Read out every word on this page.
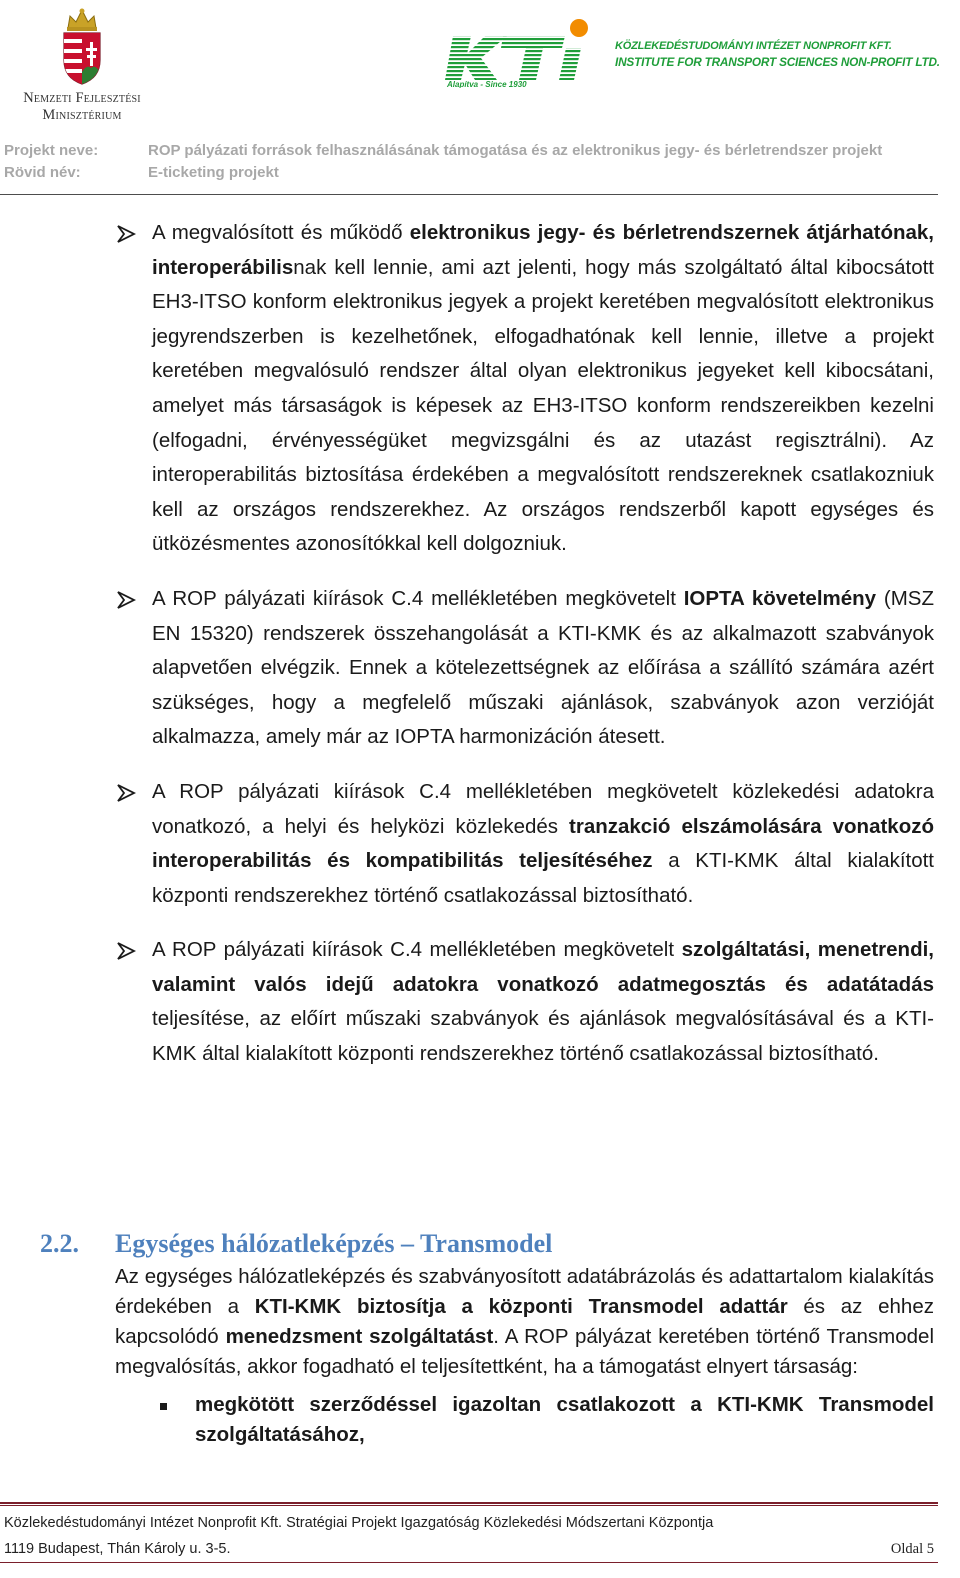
Nemzeti Fejlesztési
Minisztérium
Alapítva - Since 1930
KÖZLEKEDÉSTUDOMÁNYI INTÉZET NONPROFIT KFT.
INSTITUTE FOR TRANSPORT SCIENCES NON-PROFIT LTD.
Projekt neve:	ROP pályázati források felhasználásának támogatása és az elektronikus jegy- és bérletrendszer projekt
Rövid név:	E-ticketing projekt
A megvalósított és működő elektronikus jegy- és bérletrendszernek átjárhatónak, interoperábilisnak kell lennie, ami azt jelenti, hogy más szolgáltató által kibocsátott EH3-ITSO konform elektronikus jegyek a projekt keretében megvalósított elektronikus jegyrendszerben is kezelhetőnek, elfogadhatónak kell lennie, illetve a projekt keretében megvalósuló rendszer által olyan elektronikus jegyeket kell kibocsátani, amelyet más társaságok is képesek az EH3-ITSO konform rendszereikben kezelni (elfogadni, érvényességüket megvizsgálni és az utazást regisztrálni). Az interoperabilitás biztosítása érdekében a megvalósított rendszereknek csatlakozniuk kell az országos rendszerekhez. Az országos rendszerből kapott egységes és ütközésmentes azonosítókkal kell dolgozniuk.
A ROP pályázati kiírások C.4 mellékletében megkövetelt IOPTA követelmény (MSZ EN 15320) rendszerek összehangolását a KTI-KMK és az alkalmazott szabványok alapvetően elvégzik. Ennek a kötelezettségnek az előírása a szállító számára azért szükséges, hogy a megfelelő műszaki ajánlások, szabványok azon verzióját alkalmazza, amely már az IOPTA harmonizáción átesett.
A ROP pályázati kiírások C.4 mellékletében megkövetelt közlekedési adatokra vonatkozó, a helyi és helyközi közlekedés tranzakció elszámolására vonatkozó interoperabilitás és kompatibilitás teljesítéséhez a KTI-KMK által kialakított központi rendszerekhez történő csatlakozással biztosítható.
A ROP pályázati kiírások C.4 mellékletében megkövetelt szolgáltatási, menetrendi, valamint valós idejű adatokra vonatkozó adatmegosztás és adatátadás teljesítése, az előírt műszaki szabványok és ajánlások megvalósításával és a KTI-KMK által kialakított központi rendszerekhez történő csatlakozással biztosítható.
2.2. Egységes hálózatleképzés – Transmodel
Az egységes hálózatleképzés és szabványosított adatábrázolás és adattartalom kialakítás érdekében a KTI-KMK biztosítja a központi Transmodel adattár és az ehhez kapcsolódó menedzsment szolgáltatást. A ROP pályázat keretében történő Transmodel megvalósítás, akkor fogadható el teljesítettként, ha a támogatást elnyert társaság:
megkötött szerződéssel igazoltan csatlakozott a KTI-KMK Transmodel szolgáltatásához,
Közlekedéstudományi Intézet Nonprofit Kft. Stratégiai Projekt Igazgatóság Közlekedési Módszertani Központja
1119 Budapest, Thán Károly u. 3-5.	Oldal 5
